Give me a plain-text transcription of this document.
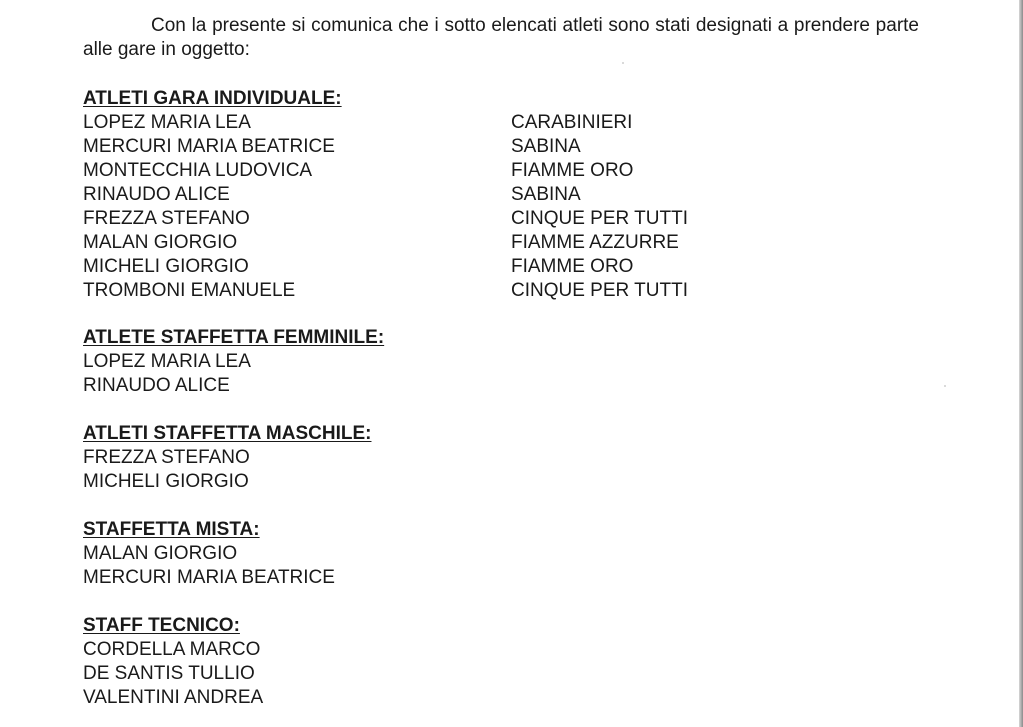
Con la presente si comunica che i sotto elencati atleti sono stati designati a prendere parte alle gare in oggetto:

ATLETI GARA INDIVIDUALE:
LOPEZ MARIA LEA	CARABINIERI
MERCURI MARIA BEATRICE	SABINA
MONTECCHIA LUDOVICA	FIAMME ORO
RINAUDO ALICE	SABINA
FREZZA STEFANO	CINQUE PER TUTTI
MALAN GIORGIO	FIAMME AZZURRE
MICHELI GIORGIO	FIAMME ORO
TROMBONI EMANUELE	CINQUE PER TUTTI
ATLETE STAFFETTA FEMMINILE:
LOPEZ MARIA LEA
RINAUDO ALICE
ATLETI STAFFETTA MASCHILE:
FREZZA STEFANO
MICHELI GIORGIO
STAFFETTA MISTA:
MALAN GIORGIO
MERCURI MARIA BEATRICE
STAFF TECNICO:
CORDELLA MARCO
DE SANTIS TULLIO
VALENTINI ANDREA
